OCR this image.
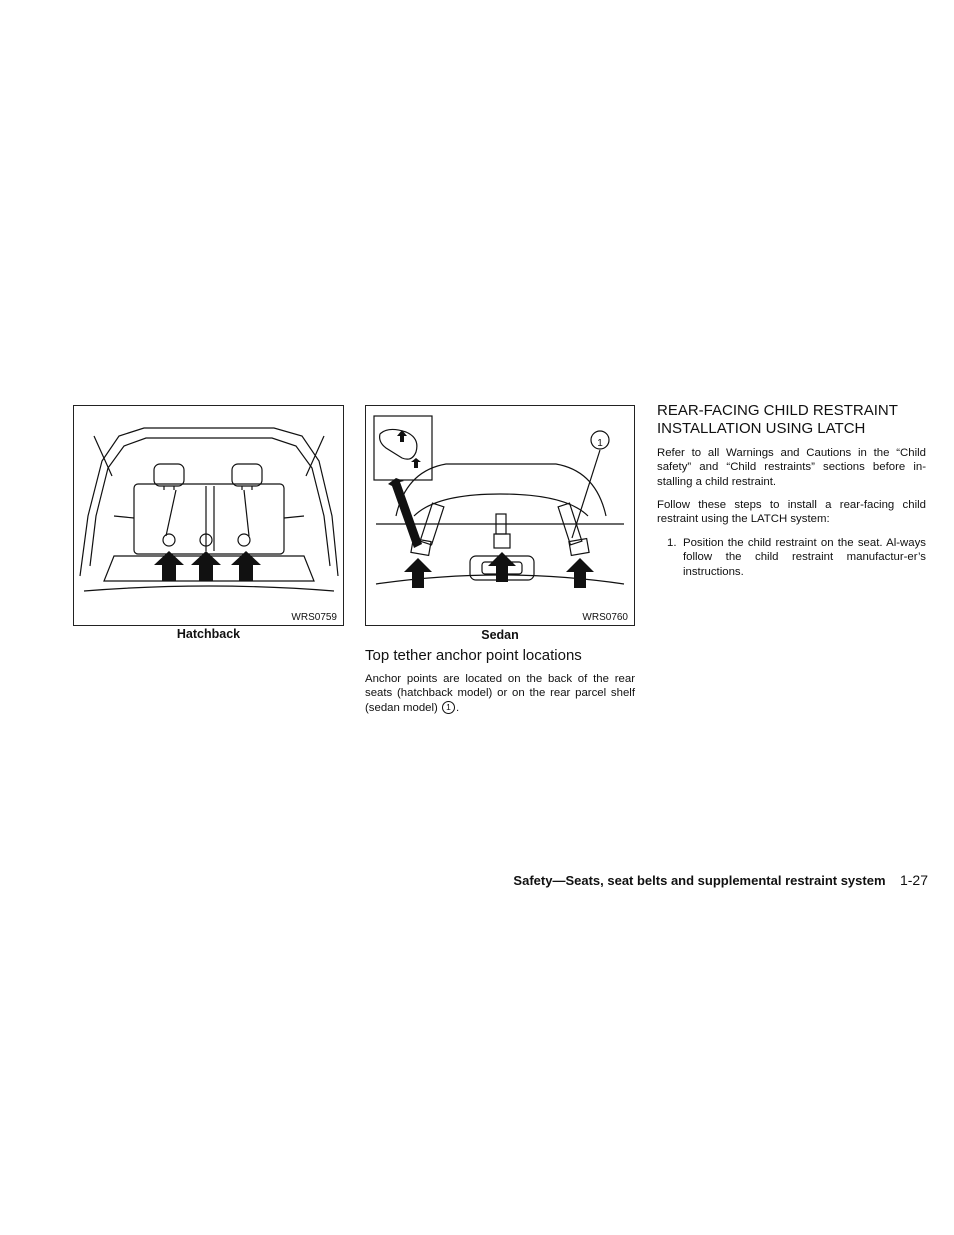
WRS0759
Hatchback
1
WRS0760
Sedan
Top tether anchor point locations
Anchor points are located on the back of the rear seats (hatchback model) or on the rear parcel shelf (sedan model) 1 .
REAR-FACING CHILD RESTRAINT
INSTALLATION USING LATCH
Refer to all Warnings and Cautions in the “Child safety” and “Child restraints” sections before in-stalling a child restraint.
Follow these steps to install a rear-facing child restraint using the LATCH system:
1. Position the child restraint on the seat. Al-ways follow the child restraint manufactur-er’s instructions.
Safety—Seats, seat belts and supplemental restraint system 1-27
